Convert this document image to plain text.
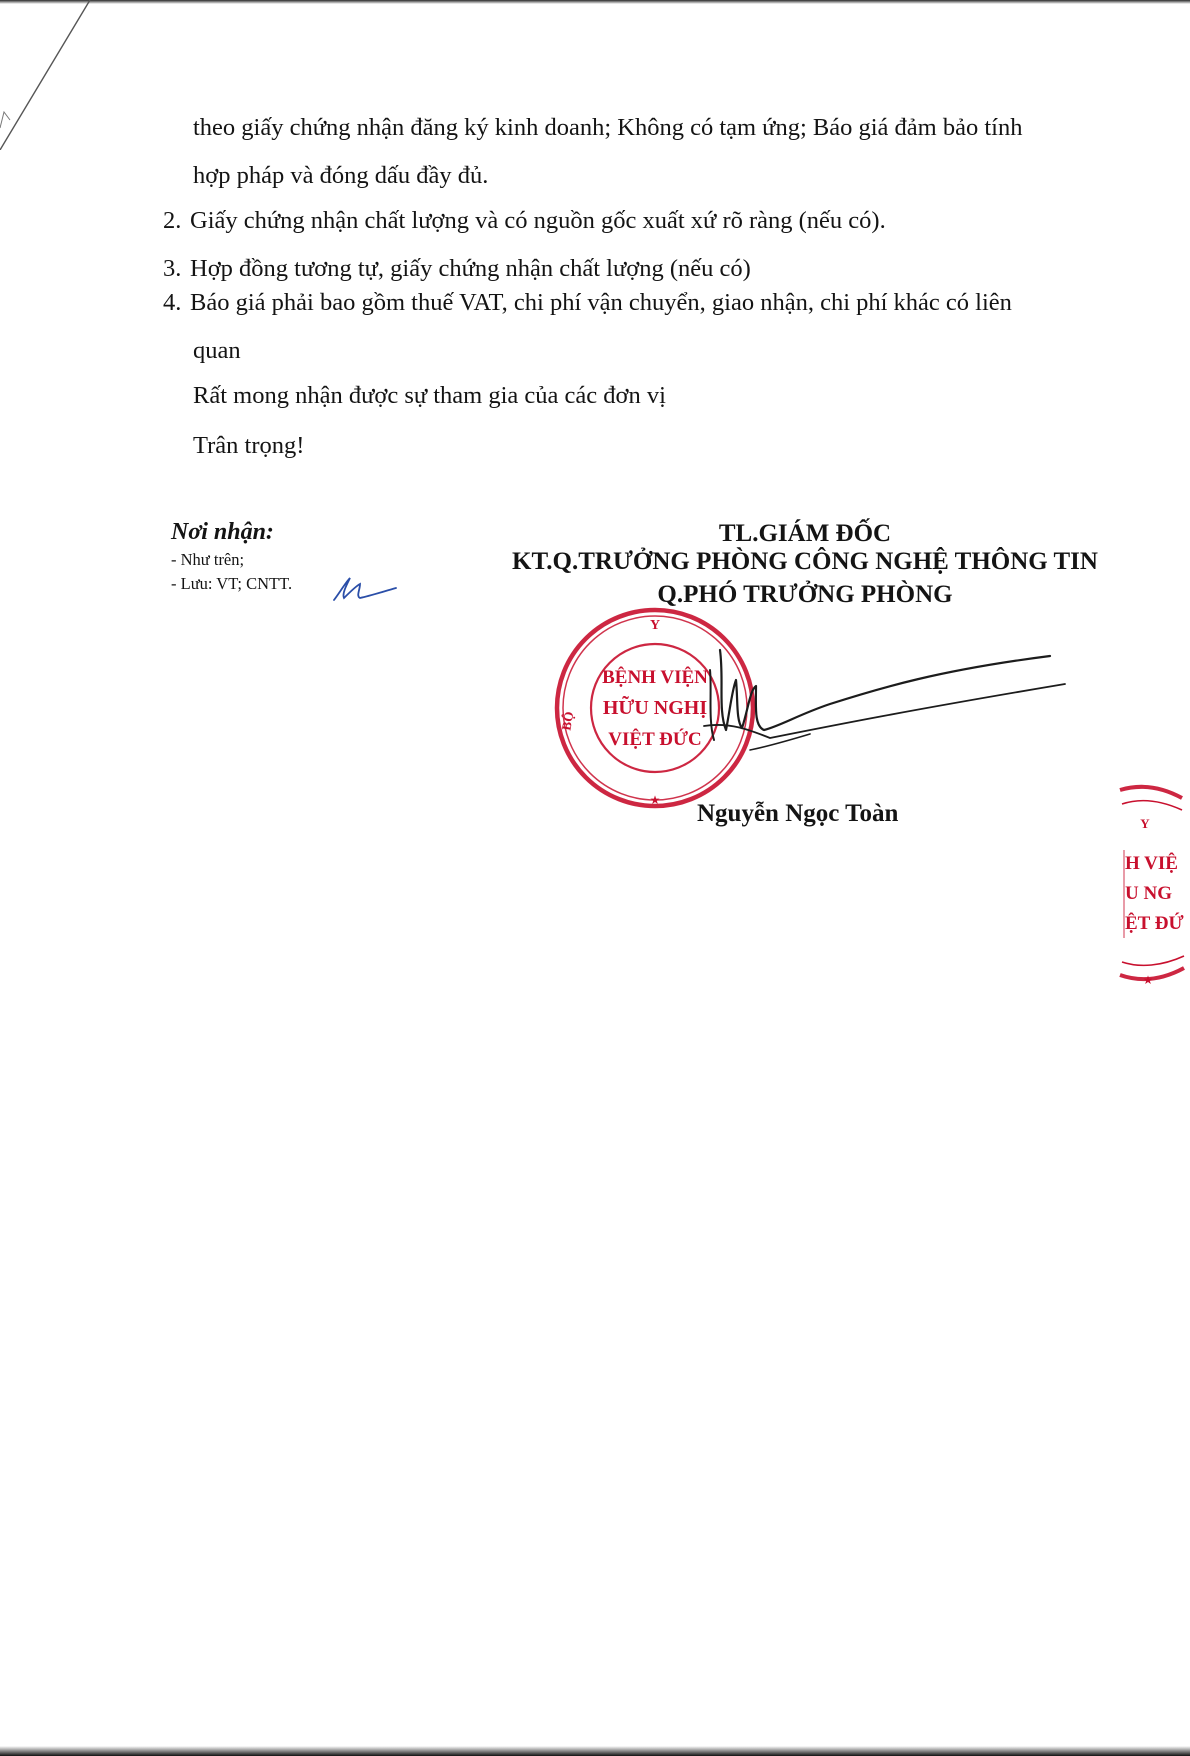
theo giấy chứng nhận đăng ký kinh doanh; Không có tạm ứng; Báo giá đảm bảo tính
hợp pháp và đóng dấu đầy đủ.
2. Giấy chứng nhận chất lượng và có nguồn gốc xuất xứ rõ ràng (nếu có).
3. Hợp đồng tương tự, giấy chứng nhận chất lượng (nếu có)
4. Báo giá phải bao gồm thuế VAT, chi phí vận chuyển, giao nhận, chi phí khác có liên
quan
Rất mong nhận được sự tham gia của các đơn vị
Trân trọng!
Nơi nhận:
- Như trên;
- Lưu: VT; CNTT.
TL.GIÁM ĐỐC
KT.Q.TRƯỞNG PHÒNG CÔNG NGHỆ THÔNG TIN
Q.PHÓ TRƯỞNG PHÒNG
Y
BỘ
BỆNH VIỆN
HỮU NGHỊ
VIỆT ĐỨC
★ Nguyễn Ngọc Toàn	Y
H VIỆ
U NG
ỆT ĐỨ
★
